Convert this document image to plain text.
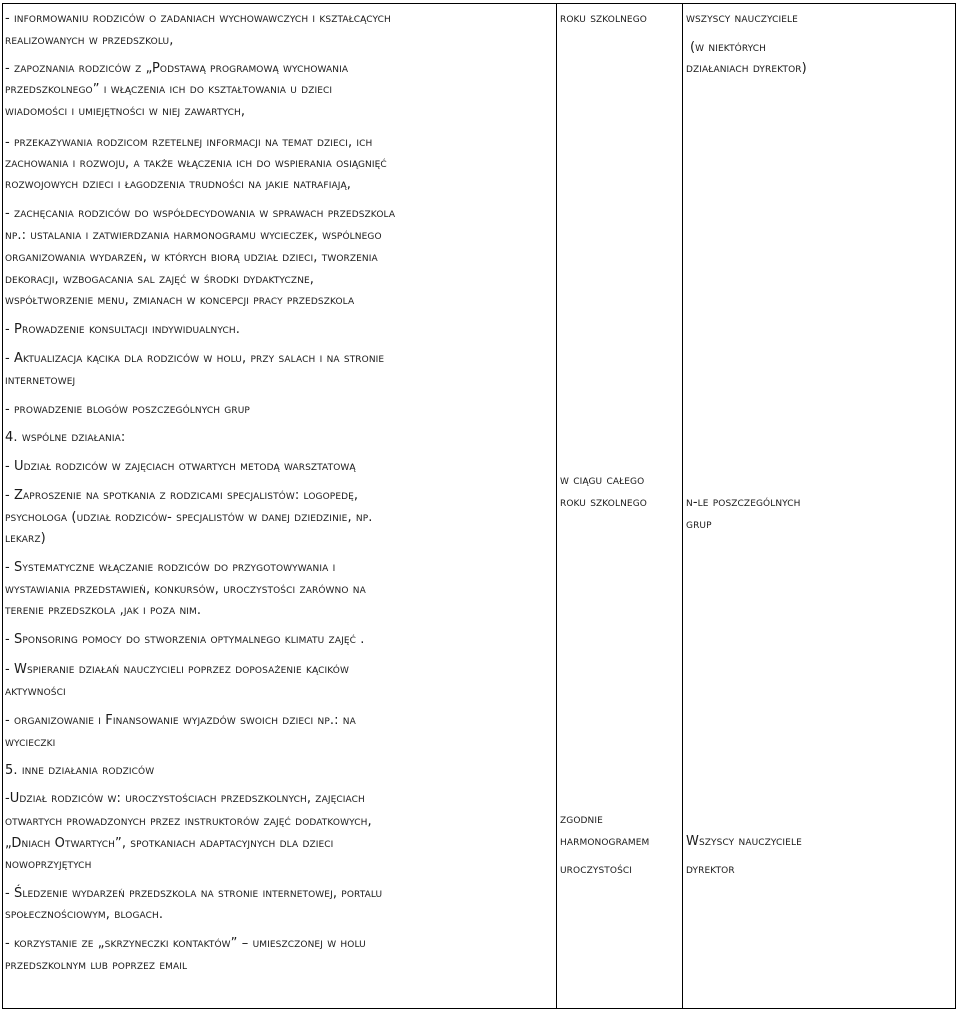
- informowaniu rodziców o zadaniach wychowawczych i kształcących
realizowanych w przedszkolu,
- zapoznania rodziców z „Podstawą programową wychowania
przedszkolnego” i włączenia ich do kształtowania u dzieci
wiadomości i umiejętności w niej zawartych,
- przekazywania rodzicom rzetelnej informacji na temat dzieci, ich
zachowania i rozwoju, a także włączenia ich do wspierania osiągnięć
rozwojowych dzieci i łagodzenia trudności na jakie natrafiają,
- zachęcania rodziców do współdecydowania w sprawach przedszkola
np.: ustalania i zatwierdzania harmonogramu wycieczek, wspólnego
organizowania wydarzeń, w których biorą udział dzieci, tworzenia
dekoracji, wzbogacania sal zajęć w środki dydaktyczne,
współtworzenie menu, zmianach w koncepcji pracy przedszkola
- Prowadzenie konsultacji indywidualnych.
- Aktualizacja kącika dla rodziców w holu, przy salach i na stronie
internetowej
- prowadzenie blogów poszczególnych grup
roku szkolnego	wszyscy nauczyciele
(w niektórych
działaniach dyrektor)
4. wspólne działania:
- Udział rodziców w zajęciach otwartych metodą warsztatową
- Zaproszenie na spotkania z rodzicami specjalistów: logopedę,
psychologa (udział rodziców- specjalistów w danej dziedzinie, np.
lekarz)
- Systematyczne włączanie rodziców do przygotowywania i
wystawiania przedstawień, konkursów, uroczystości zarówno na
terenie przedszkola ,jak i poza nim.
- Sponsoring pomocy do stworzenia optymalnego klimatu zajęć .
- Wspieranie działań nauczycieli poprzez doposażenie kącików
aktywności
- organizowanie i Finansowanie wyjazdów swoich dzieci np.: na
wycieczki
w ciągu całego
roku szkolnego	n-le poszczególnych
grup
5. inne działania rodziców
-Udział rodziców w: uroczystościach przedszkolnych, zajęciach
otwartych prowadzonych przez instruktorów zajęć dodatkowych,
„Dniach Otwartych”, spotkaniach adaptacyjnych dla dzieci
nowoprzyjętych
- Śledzenie wydarzeń przedszkola na stronie internetowej, portalu
społecznościowym, blogach.
- korzystanie ze „skrzyneczki kontaktów” – umieszczonej w holu
przedszkolnym lub poprzez email
zgodnie
harmonogramem
uroczystości
Wszyscy nauczyciele
dyrektor
